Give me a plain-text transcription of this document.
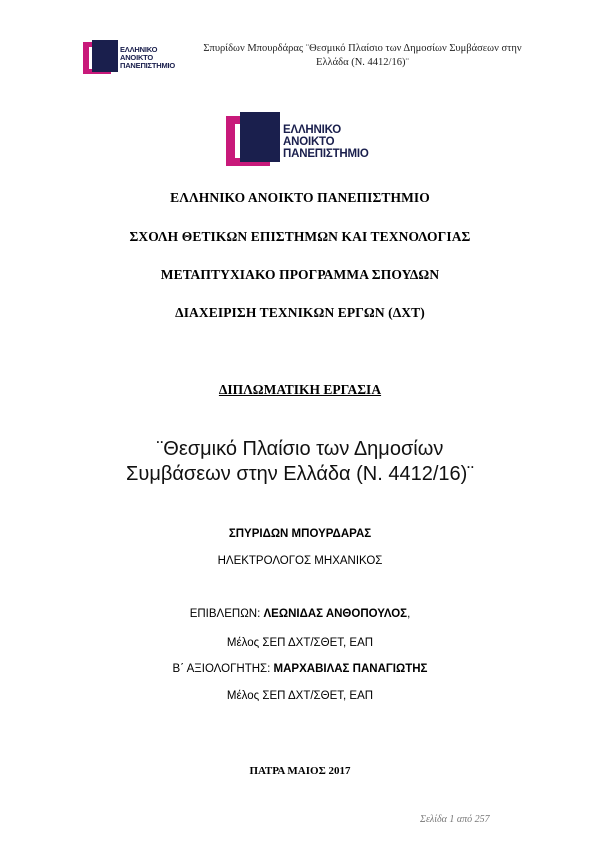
ΕΛΛΗΝΙΚΟ
ΑΝΟΙΚΤΟ
ΠΑΝΕΠΙΣΤΗΜΙΟ
Σπυρίδων Μπουρδάρας ¨Θεσμικό Πλαίσιο των Δημοσίων Συμβάσεων στην Ελλάδα (Ν. 4412/16)¨
ΕΛΛΗΝΙΚΟ
ΑΝΟΙΚΤΟ
ΠΑΝΕΠΙΣΤΗΜΙΟ
ΕΛΛΗΝΙΚΟ ΑΝΟΙΚΤΟ ΠΑΝΕΠΙΣΤΗΜΙΟ
ΣΧΟΛΗ ΘΕΤΙΚΩΝ ΕΠΙΣΤΗΜΩΝ ΚΑΙ ΤΕΧΝΟΛΟΓΙΑΣ
ΜΕΤΑΠΤΥΧΙΑΚΟ ΠΡΟΓΡΑΜΜΑ ΣΠΟΥΔΩΝ
ΔΙΑΧΕΙΡΙΣΗ ΤΕΧΝΙΚΩΝ ΕΡΓΩΝ (ΔΧΤ)
ΔΙΠΛΩΜΑΤΙΚΗ ΕΡΓΑΣΙΑ
¨Θεσμικό Πλαίσιο των Δημοσίων
Συμβάσεων στην Ελλάδα (Ν. 4412/16)¨
ΣΠΥΡΙΔΩΝ ΜΠΟΥΡΔΑΡΑΣ
ΗΛΕΚΤΡΟΛΟΓΟΣ ΜΗΧΑΝΙΚΟΣ
ΕΠΙΒΛΕΠΩΝ: ΛΕΩΝΙΔΑΣ ΑΝΘΟΠΟΥΛΟΣ,
Μέλος ΣΕΠ ΔΧΤ/ΣΘΕΤ, ΕΑΠ
Β΄ ΑΞΙΟΛΟΓΗΤΗΣ: ΜΑΡΧΑΒΙΛΑΣ ΠΑΝΑΓΙΩΤΗΣ
Μέλος ΣΕΠ ΔΧΤ/ΣΘΕΤ, ΕΑΠ
ΠΑΤΡΑ ΜΑΙΟΣ 2017
Σελίδα 1 από 257
